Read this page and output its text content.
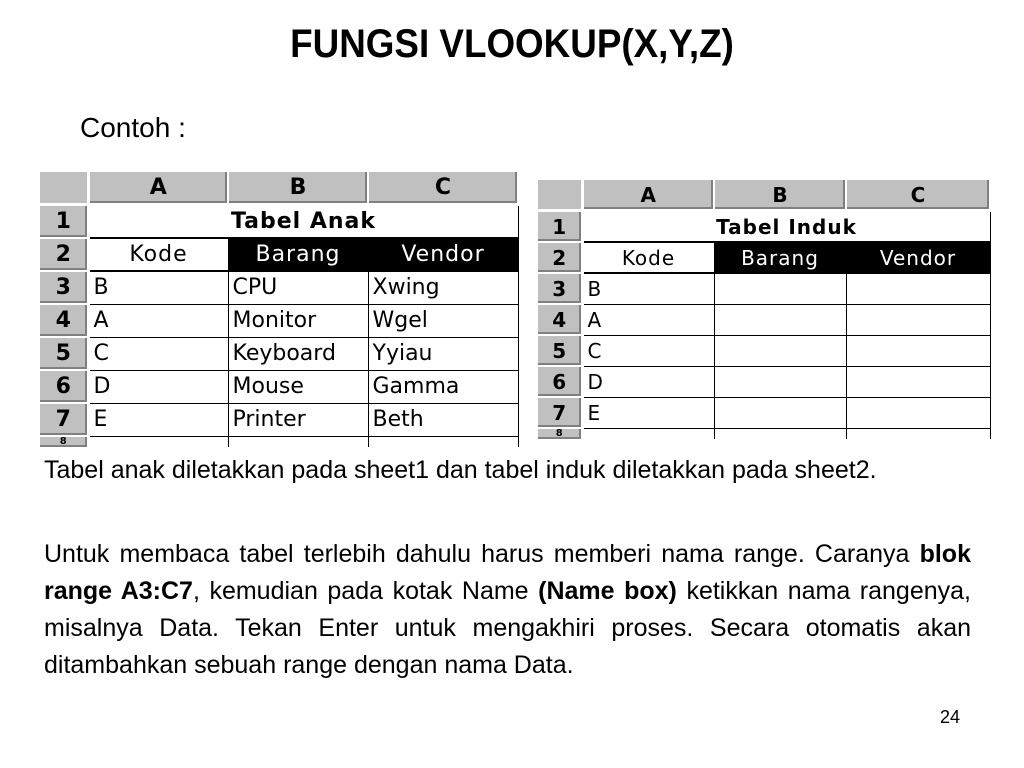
FUNGSI VLOOKUP(X,Y,Z)
Contoh :
	A	B	C
1	Tabel Anak		
2	Kode	Barang	Vendor
3	B	CPU	Xwing
4	A	Monitor	Wgel
5	C	Keyboard	Yyiau
6	D	Mouse	Gamma
7	E	Printer	Beth
8			
	A	B	C
1	Tabel Induk		
2	Kode	Barang	Vendor
3	B		
4	A		
5	C		
6	D		
7	E		
8			
Tabel anak diletakkan pada sheet1 dan tabel induk diletakkan pada sheet2.
Untuk membaca tabel terlebih dahulu harus memberi nama range. Caranya blok range A3:C7, kemudian pada kotak Name (Name box) ketikkan nama rangenya, misalnya Data. Tekan Enter untuk mengakhiri proses. Secara otomatis akan ditambahkan sebuah range dengan nama Data.
24
